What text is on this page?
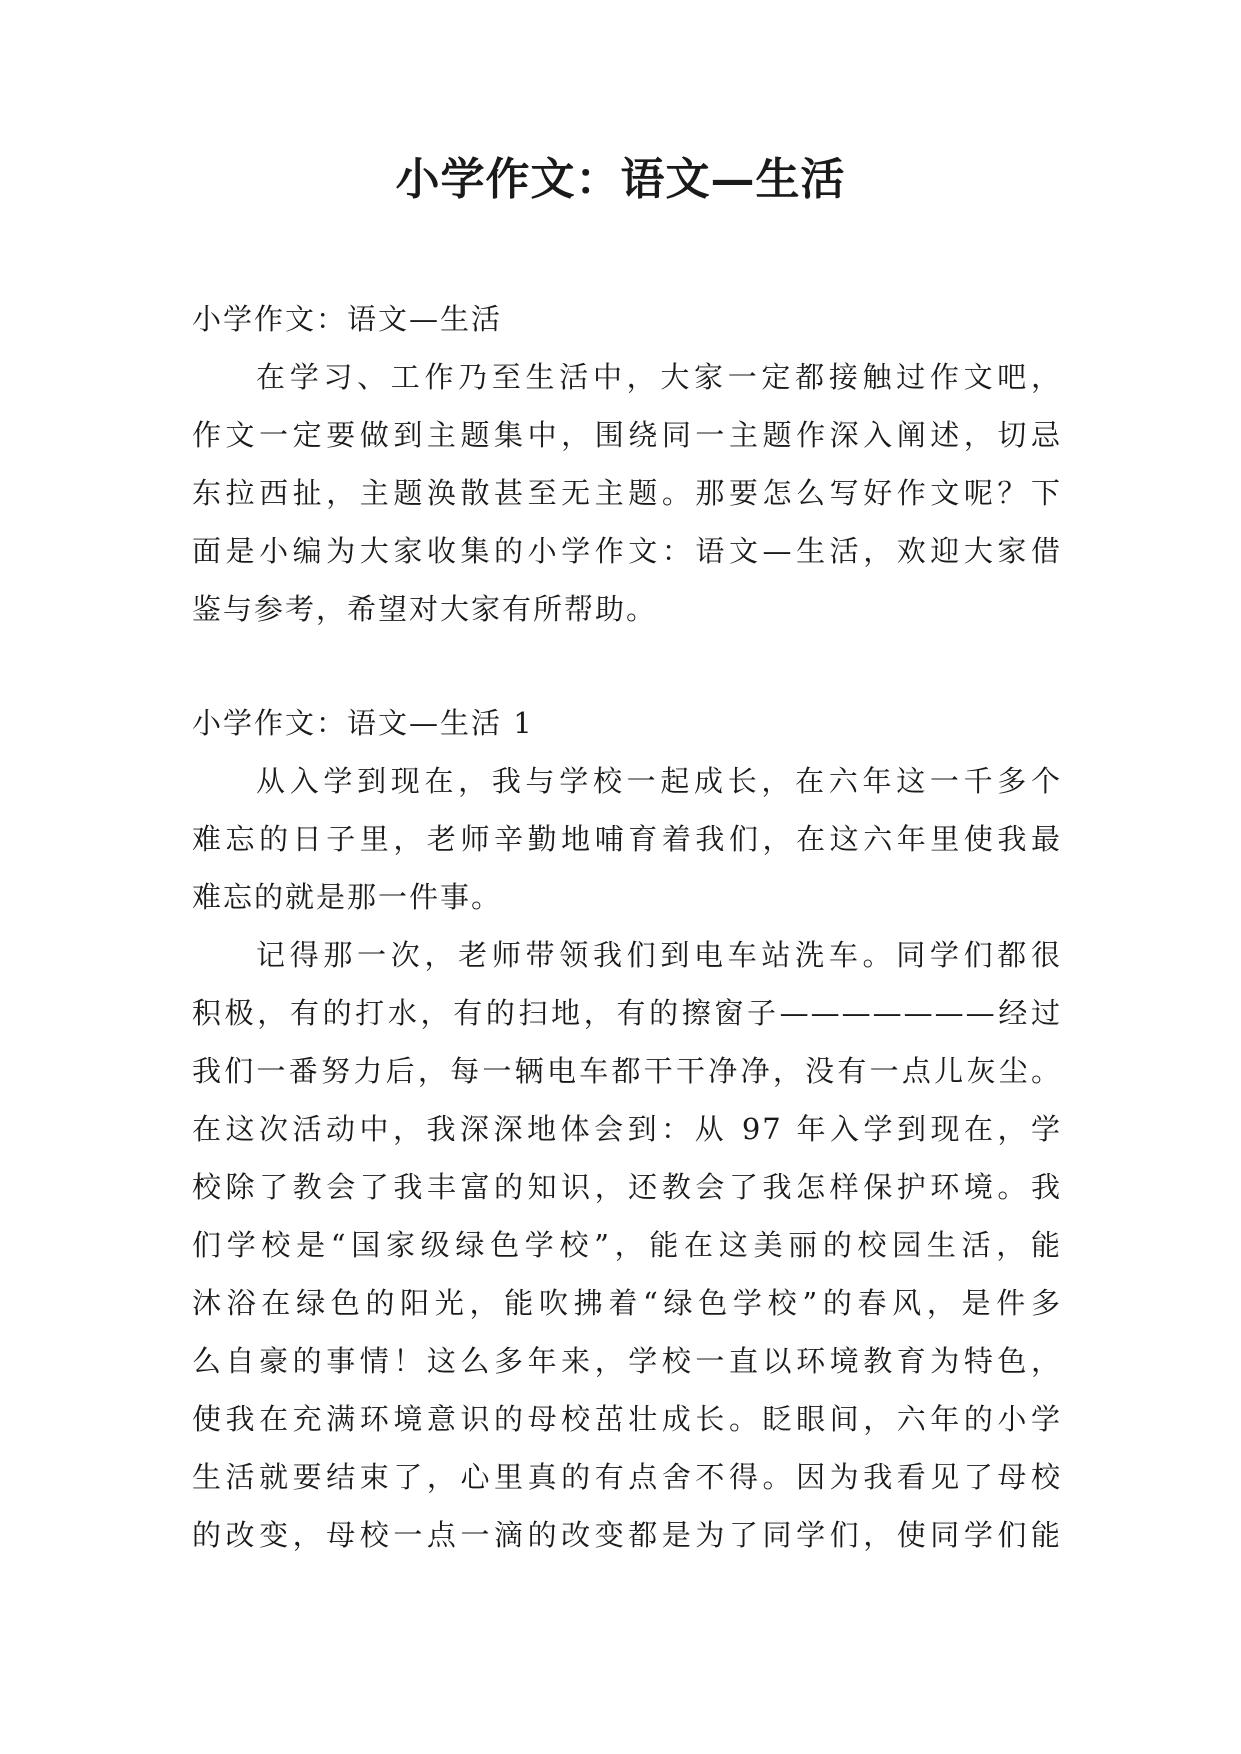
小学作文：语文—生活
小学作文：语文—生活
在学习、工作乃至生活中，大家一定都接触过作文吧，
作文一定要做到主题集中，围绕同一主题作深入阐述，切忌
东拉西扯，主题涣散甚至无主题。那要怎么写好作文呢？下
面是小编为大家收集的小学作文：语文—生活，欢迎大家借
鉴与参考，希望对大家有所帮助。
小学作文：语文—生活 1
从入学到现在，我与学校一起成长，在六年这一千多个
难忘的日子里，老师辛勤地哺育着我们，在这六年里使我最
难忘的就是那一件事。
记得那一次，老师带领我们到电车站洗车。同学们都很
积极，有的打水，有的扫地，有的擦窗子———————经过
我们一番努力后，每一辆电车都干干净净，没有一点儿灰尘。
在这次活动中，我深深地体会到：从 97 年入学到现在，学
校除了教会了我丰富的知识，还教会了我怎样保护环境。我
们学校是“国家级绿色学校”，能在这美丽的校园生活，能
沐浴在绿色的阳光，能吹拂着“绿色学校”的春风，是件多
么自豪的事情！这么多年来，学校一直以环境教育为特色，
使我在充满环境意识的母校茁壮成长。眨眼间，六年的小学
生活就要结束了，心里真的有点舍不得。因为我看见了母校
的改变，母校一点一滴的改变都是为了同学们，使同学们能
